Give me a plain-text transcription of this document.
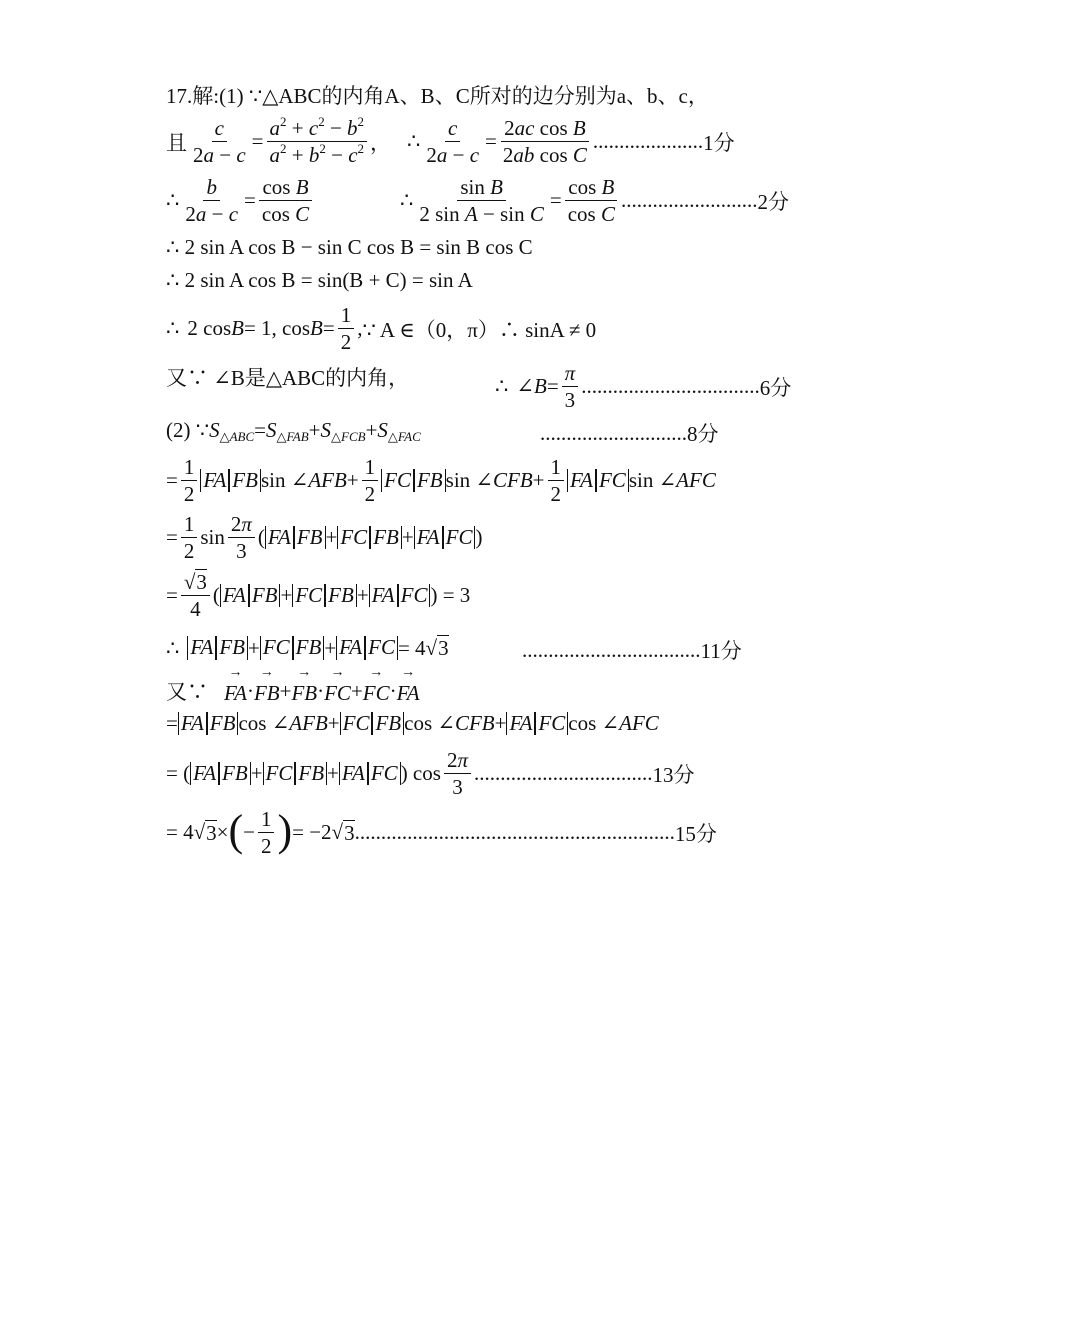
17.解: (1) ∵△ABC的内角A、B、C所对的边分别为a、b、c，
且 $\frac{c}{2a - c} = \frac{a^2 + c^2 - b^2}{a^2 + b^2 - c^2}$ ， ∴ $\frac{c}{2a - c} = \frac{\text{2ac cos B}}{\text{2ab cos C}}$ ..................... 1分
∴ $\frac{b}{2a - c} = \frac{\text{cos B}}{\text{cos C}}$	∴ $\frac{\text{sin B}}{\text{2 sin A − sin C}} = \frac{\text{cos B}}{\text{cos C}}$ .......................... 2分
∴ 2 sin A cos B − sin C cos B = sin B cos C
∴ 2 sin A cos B = sin(B + C) = sin A
∴
2 cos B = 1, $\cos B = \frac{1}{2}$ , ∵ A ∈（0，π）∴ sinA ≠ 0
又∵ ∠B是△ABC的内角，	∴
∠ $B = \frac{\pi}{3}$ .................................. 6分
(2) ∵ S △ABC = S △FAB + S △FCB + S △FAC	............................ 8分
= $\frac{1}{2}$ FA FB sin ∠ AFB + $\frac{1}{2}$ FC FB sin ∠ CFB + $\frac{1}{2}$ FA FC sin ∠ AFC
= $\frac{1}{2}$ $\sin \frac{2\pi}{3}$ ( FA FB + FC FB + FA FC )
= $\frac{√3}{4}$ ( FA FB + FC FB + FA FC ) = 3
∴ FA FB + FC FB + FA FC = 4√ 3	.................................. 11分
又∵ FA → · FB → + FB → · FC → + FC → · FA →
= FA FB cos ∠ AFB + FC FB cos ∠ CFB + FA FC cos ∠ AFC
= ( FA FB + FC FB + FA FC ) $\cos \frac{2\pi}{3}$ .................................. 13分
= 4√ 3 × ( − $\frac{1}{2}$ ) = −2√ 3 . ............................................................ 15分
